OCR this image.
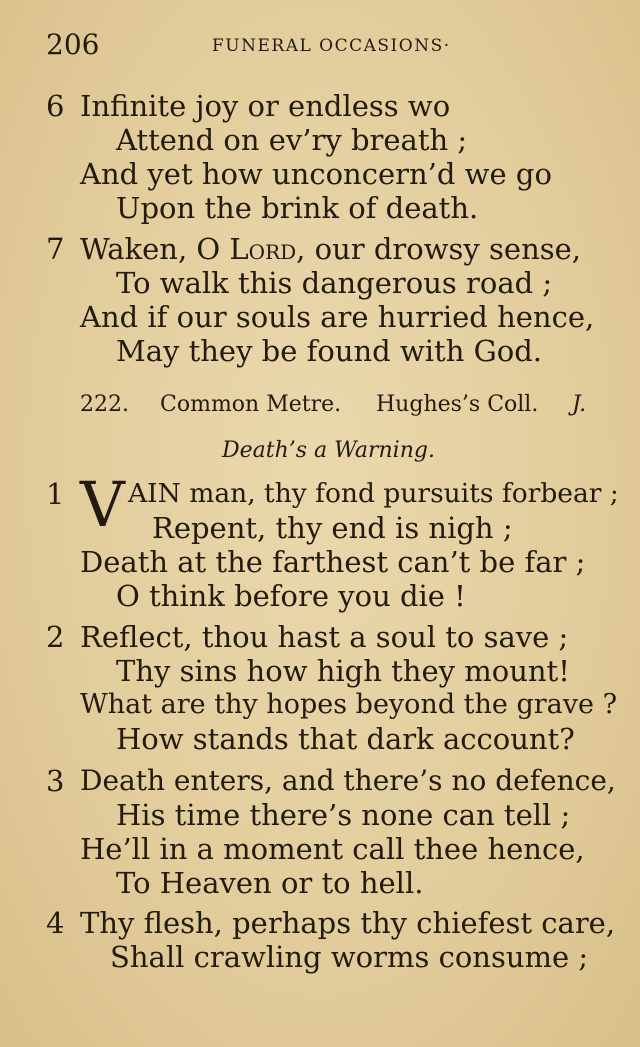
206	FUNERAL OCCASIONS·
6 Infinite joy or endless wo
Attend on ev’ry breath ;
And yet how unconcern’d we go
Upon the brink of death.
7 Waken, O Lord, our drowsy sense,
To walk this dangerous road ;
And if our souls are hurried hence,
May they be found with God.
222. Common Metre. Hughes’s Coll. J.
Death’s a Warning.
1 V AIN man, thy fond pursuits forbear ;
Repent, thy end is nigh ;
Death at the farthest can’t be far ;
O think before you die !
2 Reflect, thou hast a soul to save ;
Thy sins how high they mount!
What are thy hopes beyond the grave ?
How stands that dark account?
3 Death enters, and there’s no defence,
His time there’s none can tell ;
He’ll in a moment call thee hence,
To Heaven or to hell.
4 Thy flesh, perhaps thy chiefest care,
Shall crawling worms consume ;
